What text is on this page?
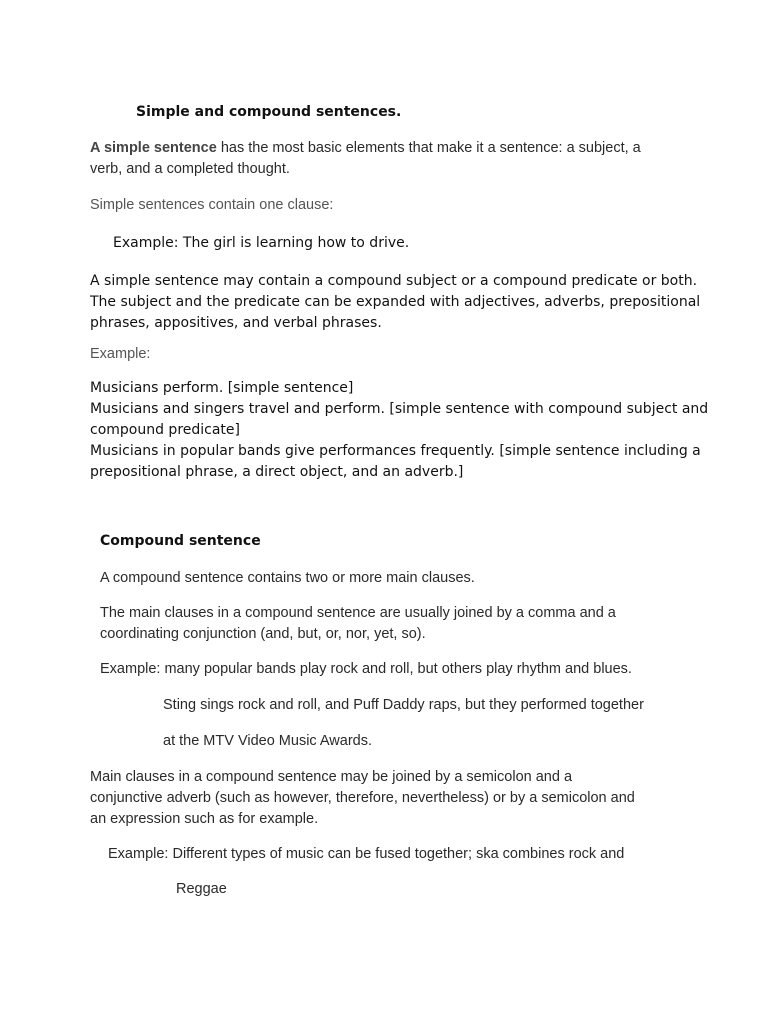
Simple and compound sentences.
A simple sentence has the most basic elements that make it a sentence: a subject, a
verb, and a completed thought.
Simple sentences contain one clause:
Example: The girl is learning how to drive.
A simple sentence may contain a compound subject or a compound predicate or both.
The subject and the predicate can be expanded with adjectives, adverbs, prepositional
phrases, appositives, and verbal phrases.
Example:
Musicians perform. [simple sentence]
Musicians and singers travel and perform. [simple sentence with compound subject and
compound predicate]
Musicians in popular bands give performances frequently. [simple sentence including a
prepositional phrase, a direct object, and an adverb.]
Compound sentence
A compound sentence contains two or more main clauses.
The main clauses in a compound sentence are usually joined by a comma and a
coordinating conjunction (and, but, or, nor, yet, so).
Example: many popular bands play rock and roll, but others play rhythm and blues.
Sting sings rock and roll, and Puff Daddy raps, but they performed together
at the MTV Video Music Awards.
Main clauses in a compound sentence may be joined by a semicolon and a
conjunctive adverb (such as however, therefore, nevertheless) or by a semicolon and
an expression such as for example.
Example: Different types of music can be fused together; ska combines rock and
Reggae
